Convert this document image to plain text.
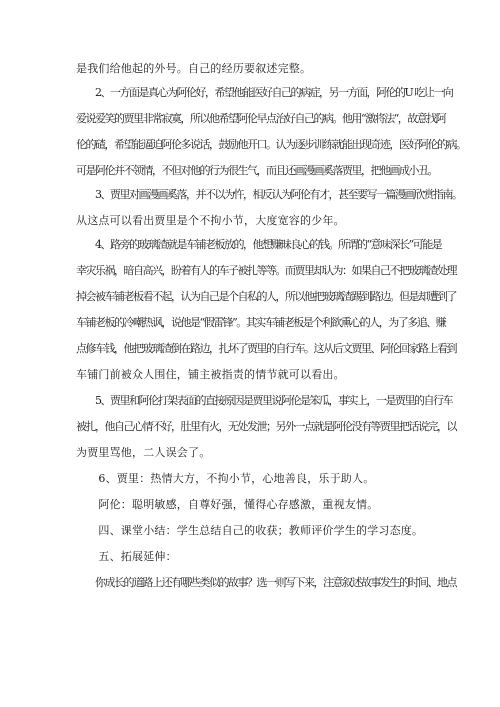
是我们给他起的外号。自己的经历要叙述完整。
　　2、一方面是真心为阿伦好，希望他能医好自己的病症，另一方面，阿伦的U 吃让一向
爱说爱笑的贾里非常寂寞，所以他希望阿伦早点治好自己的病。他用“激将法“，故意找阿
伦的碴，希望能逼迫阿伦多说话，鼓励他开口。认为逐步训练就能出现奇迹，医好阿伦的病。
可是阿伦并不领情，不但对他的行为很生气，而且还画漫画奚落贾里，把他画成小丑。
　　3、贾里对画漫画奚落，并不以为忤，相反认为阿伦有才，甚至要写一篇漫画欣赏指南。
从这点可以看出贾里是个不拘小节，大度宽容的少年。
　　4、路旁的玻璃渣就是车铺老板放的，他想赚昧良心的钱。所谓的“意味深长”可能是
幸灾乐祸，暗自高兴，盼着有人的车子被扎等等。而贾里却认为：如果自己不把玻璃渣处理
掉会被车铺老板看不起，认为自己是个自私的人，所以他把玻璃渣踢到路边。但是却遭到了
车铺老板的冷嘲热讽，说他是“假雷锋”。其实车铺老板是个利欲熏心的人，为了多追、赚
点修车钱，他把玻璃渣倒在路边，扎坏了贾里的自行车。这从后文贾里、阿伦回家路上看到
车铺门前被众人围住，铺主被指责的情节就可以看出。
　　5、贾里和阿伦打架表面的直接原因是贾里说阿伦是笨瓜，事实上，一是贾里的自行车
被扎，他自己心情不好，肚里有火，无处发泄；另外一点就是阿伦没有等贾里把话说完，以
为贾里骂他，二人误会了。
　　6、贾里：热情大方，不拘小节，心地善良，乐于助人。
　　阿伦：聪明敏感，自尊好强，懂得心存感激，重视友情。
　　四、课堂小结：学生总结自己的收获；教师评价学生的学习态度。
　　五、拓展延伸：
　　你成长的道路上还有哪些类似的故事？选一则写下来，注意叙述故事发生的时间、地点
